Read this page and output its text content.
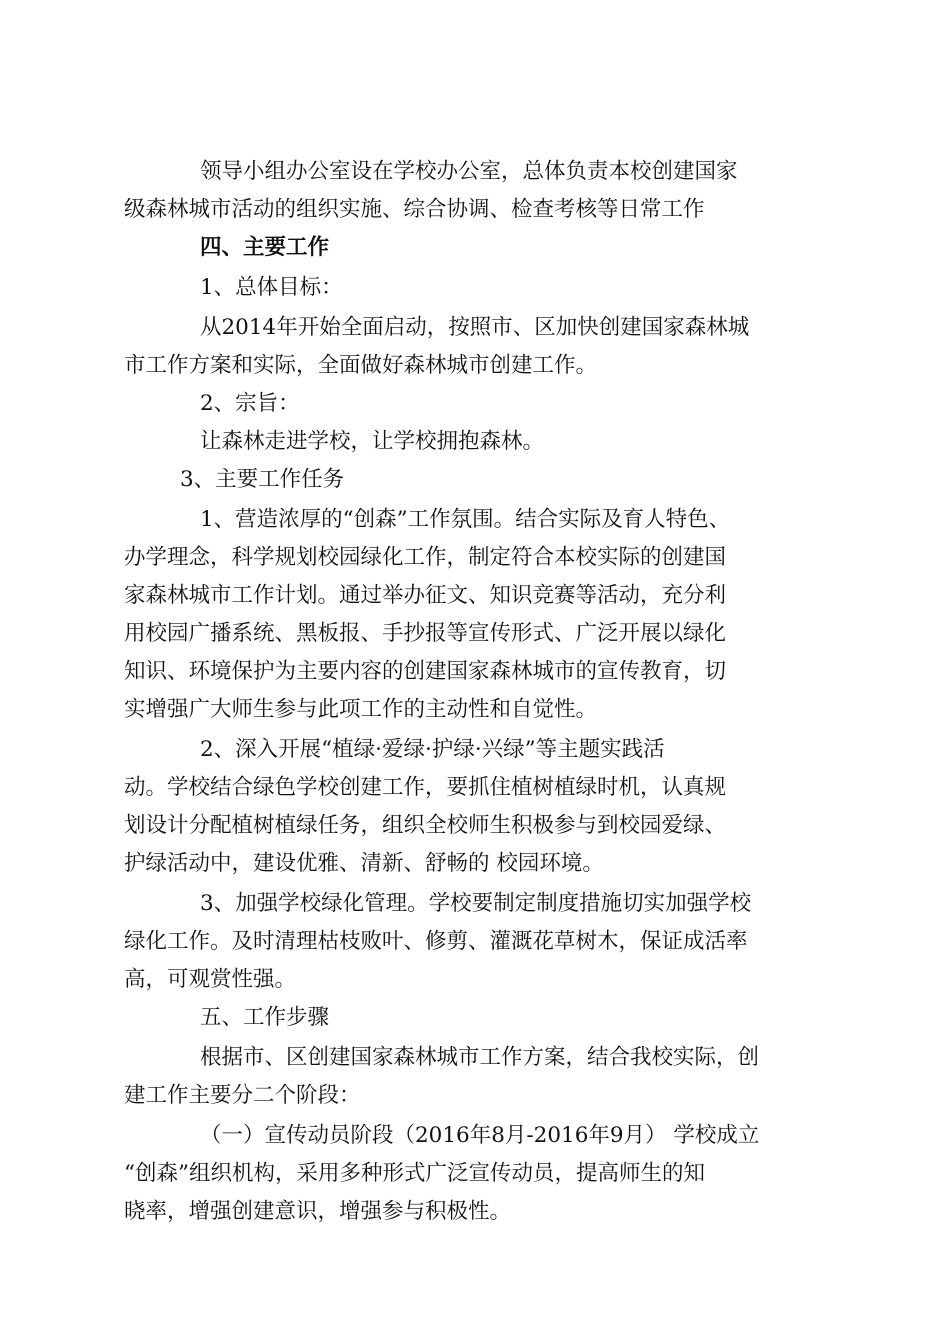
领导小组办公室设在学校办公室，总体负责本校创建国家
级森林城市活动的组织实施、综合协调、检查考核等日常工作
四、主要工作
1、总体目标：
从2014年开始全面启动，按照市、区加快创建国家森林城
市工作方案和实际，全面做好森林城市创建工作。
2、宗旨：
让森林走进学校，让学校拥抱森林。
3、主要工作任务
1、营造浓厚的“创森”工作氛围。结合实际及育人特色、
办学理念，科学规划校园绿化工作，制定符合本校实际的创建国
家森林城市工作计划。通过举办征文、知识竞赛等活动，充分利
用校园广播系统、黑板报、手抄报等宣传形式、广泛开展以绿化
知识、环境保护为主要内容的创建国家森林城市的宣传教育，切
实增强广大师生参与此项工作的主动性和自觉性。
2、深入开展“植绿·爱绿·护绿·兴绿”等主题实践活
动。学校结合绿色学校创建工作，要抓住植树植绿时机，认真规
划设计分配植树植绿任务，组织全校师生积极参与到校园爱绿、
护绿活动中，建设优雅、清新、舒畅的 校园环境。
3、加强学校绿化管理。学校要制定制度措施切实加强学校
绿化工作。及时清理枯枝败叶、修剪、灌溉花草树木，保证成活率
高，可观赏性强。
五、工作步骤
根据市、区创建国家森林城市工作方案，结合我校实际，创
建工作主要分二个阶段：
（一）宣传动员阶段（2016年8月-2016年9月） 学校成立
“创森”组织机构，采用多种形式广泛宣传动员，提高师生的知
晓率，增强创建意识，增强参与积极性。
